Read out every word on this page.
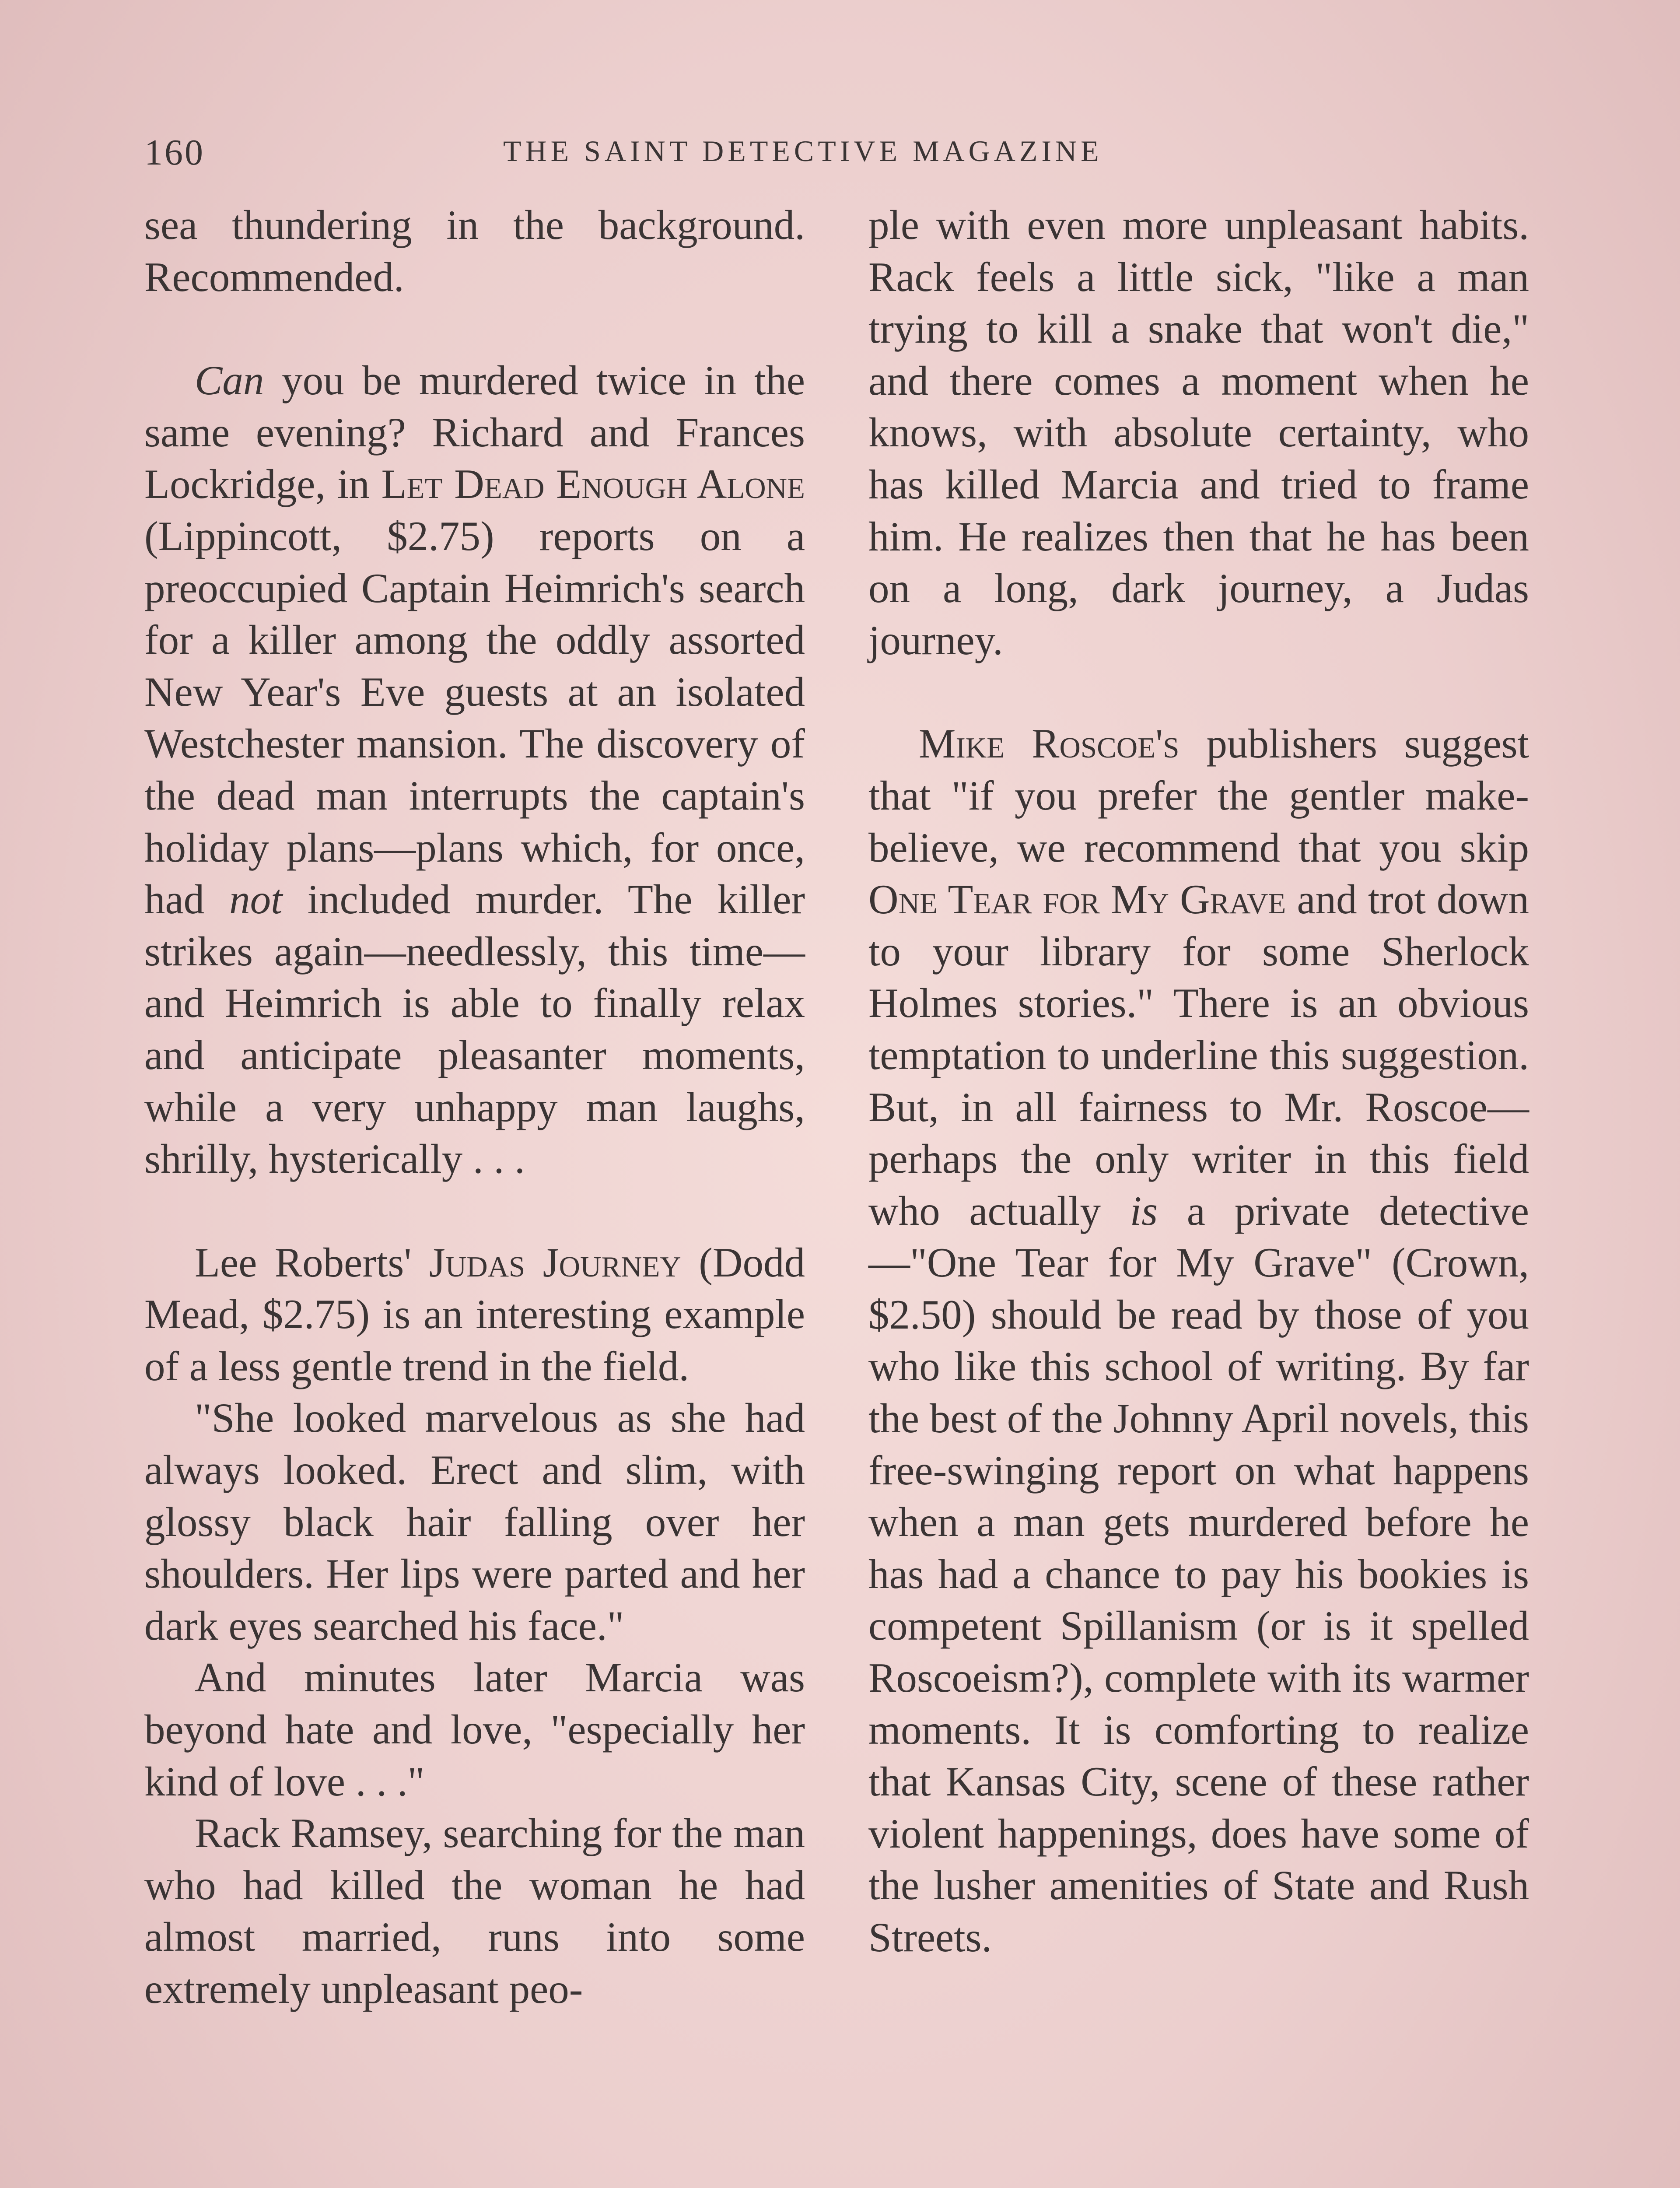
160	THE SAINT DETECTIVE MAGAZINE

sea thundering in the background. Recommended.

Can you be murdered twice in the same evening? Richard and Frances Lockridge, in Let Dead Enough Alone (Lippincott, $2.75) reports on a preoccupied Captain Heimrich's search for a killer among the oddly assorted New Year's Eve guests at an isolated Westchester mansion. The discovery of the dead man interrupts the captain's holiday plans—plans which, for once, had not included murder. The killer strikes again—needlessly, this time—and Heimrich is able to finally relax and anticipate pleasanter moments, while a very unhappy man laughs, shrilly, hysterically . . .

Lee Roberts' Judas Journey (Dodd Mead, $2.75) is an interesting example of a less gentle trend in the field.

"She looked marvelous as she had always looked. Erect and slim, with glossy black hair falling over her shoulders. Her lips were parted and her dark eyes searched his face."

And minutes later Marcia was beyond hate and love, "especially her kind of love . . ."

Rack Ramsey, searching for the man who had killed the woman he had almost married, runs into some extremely unpleasant peo-

ple with even more unpleasant habits. Rack feels a little sick, "like a man trying to kill a snake that won't die," and there comes a moment when he knows, with absolute certainty, who has killed Marcia and tried to frame him. He realizes then that he has been on a long, dark journey, a Judas journey.

Mike Roscoe's publishers suggest that "if you prefer the gentler make-believe, we recommend that you skip One Tear for My Grave and trot down to your library for some Sherlock Holmes stories." There is an obvious temptation to underline this suggestion. But, in all fairness to Mr. Roscoe—perhaps the only writer in this field who actually is a private detective—"One Tear for My Grave" (Crown, $2.50) should be read by those of you who like this school of writing. By far the best of the Johnny April novels, this free-swinging report on what happens when a man gets murdered before he has had a chance to pay his bookies is competent Spillanism (or is it spelled Roscoeism?), complete with its warmer moments. It is comforting to realize that Kansas City, scene of these rather violent happenings, does have some of the lusher amenities of State and Rush Streets.
